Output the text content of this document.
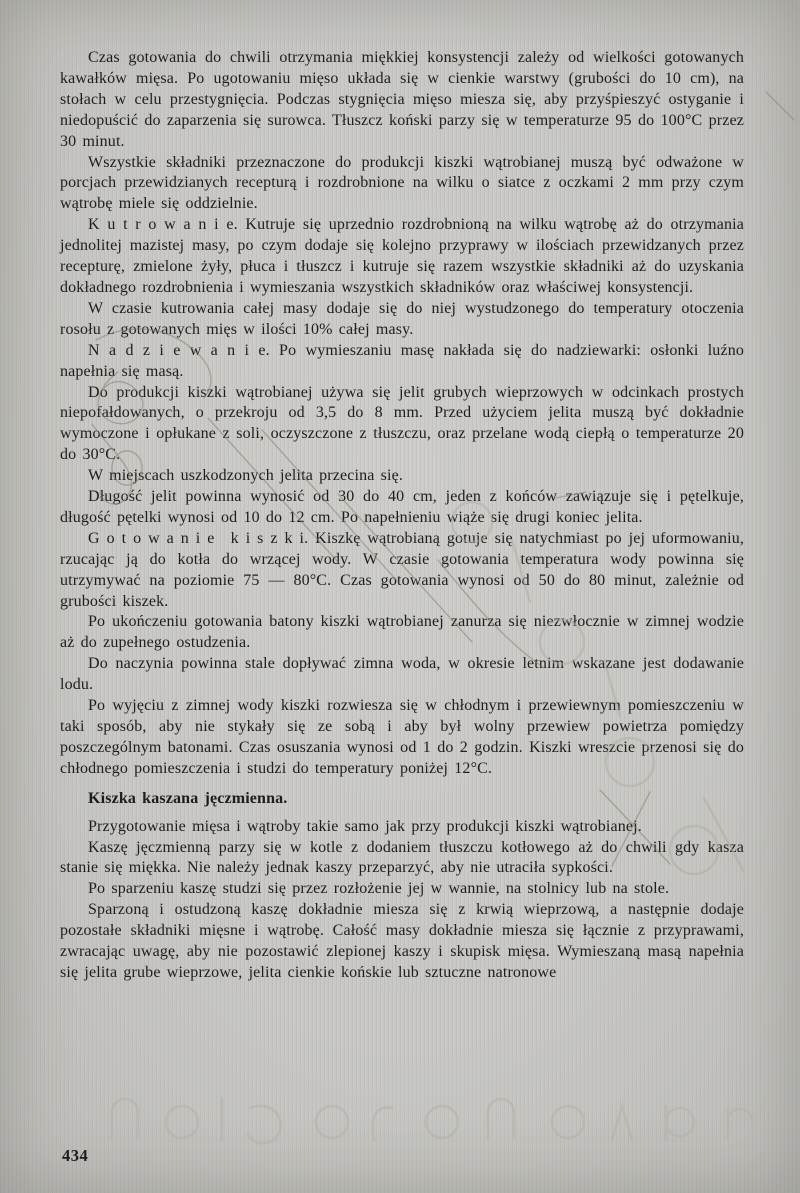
Czas gotowania do chwili otrzymania miękkiej konsystencji zależy od wielkości gotowanych kawałków mięsa. Po ugotowaniu mięso układa się w cienkie warstwy (grubości do 10 cm), na stołach w celu przestygnięcia. Podczas stygnięcia mięso miesza się, aby przyśpieszyć ostyganie i niedopuścić do zaparzenia się surowca. Tłuszcz koński parzy się w temperaturze 95 do 100°C przez 30 minut.

Wszystkie składniki przeznaczone do produkcji kiszki wątrobianej muszą być odważone w porcjach przewidzianych recepturą i rozdrobnione na wilku o siatce z oczkami 2 mm przy czym wątrobę miele się oddzielnie.

K u t r o w a n i e. Kutruje się uprzednio rozdrobnioną na wilku wątrobę aż do otrzymania jednolitej mazistej masy, po czym dodaje się kolejno przyprawy w ilościach przewidzanych przez recepturę, zmielone żyły, płuca i tłuszcz i kutruje się razem wszystkie składniki aż do uzyskania dokładnego rozdrobnienia i wymieszania wszystkich składników oraz właściwej konsystencji.

W czasie kutrowania całej masy dodaje się do niej wystudzonego do temperatury otoczenia rosołu z gotowanych mięs w ilości 10% całej masy.

N a d z i e w a n i e. Po wymieszaniu masę nakłada się do nadziewarki: osłonki luźno napełnia się masą.

Do produkcji kiszki wątrobianej używa się jelit grubych wieprzowych w odcinkach prostych niepofałdowanych, o przekroju od 3,5 do 8 mm. Przed użyciem jelita muszą być dokładnie wymoczone i opłukane z soli, oczyszczone z tłuszczu, oraz przelane wodą ciepłą o temperaturze 20 do 30°C.

W miejscach uszkodzonych jelita przecina się.

Długość jelit powinna wynosić od 30 do 40 cm, jeden z końców zawiązuje się i pętelkuje, długość pętelki wynosi od 10 do 12 cm. Po napełnieniu wiąże się drugi koniec jelita.

G o t o w a n i e k i s z k i. Kiszkę wątrobianą gotuje się natychmiast po jej uformowaniu, rzucając ją do kotła do wrzącej wody. W czasie gotowania temperatura wody powinna się utrzymywać na poziomie 75 — 80°C. Czas gotowania wynosi od 50 do 80 minut, zależnie od grubości kiszek.

Po ukończeniu gotowania batony kiszki wątrobianej zanurza się niezwłocznie w zimnej wodzie aż do zupełnego ostudzenia.

Do naczynia powinna stale dopływać zimna woda, w okresie letnim wskazane jest dodawanie lodu.

Po wyjęciu z zimnej wody kiszki rozwiesza się w chłodnym i przewiewnym pomieszczeniu w taki sposób, aby nie stykały się ze sobą i aby był wolny przewiew powietrza pomiędzy poszczególnym batonami. Czas osuszania wynosi od 1 do 2 godzin. Kiszki wreszcie przenosi się do chłodnego pomieszczenia i studzi do temperatury poniżej 12°C.

Kiszka kaszana jęczmienna.

Przygotowanie mięsa i wątroby takie samo jak przy produkcji kiszki wątrobianej.

Kaszę jęczmienną parzy się w kotle z dodaniem tłuszczu kotłowego aż do chwili gdy kasza stanie się miękka. Nie należy jednak kaszy przeparzyć, aby nie utraciła sypkości.

Po sparzeniu kaszę studzi się przez rozłożenie jej w wannie, na stolnicy lub na stole.

Sparzoną i ostudzoną kaszę dokładnie miesza się z krwią wieprzową, a następnie dodaje pozostałe składniki mięsne i wątrobę. Całość masy dokładnie miesza się łącznie z przyprawami, zwracając uwagę, aby nie pozostawić zlepionej kaszy i skupisk mięsa. Wymieszaną masą napełnia się jelita grube wieprzowe, jelita cienkie końskie lub sztuczne natronowe

434
